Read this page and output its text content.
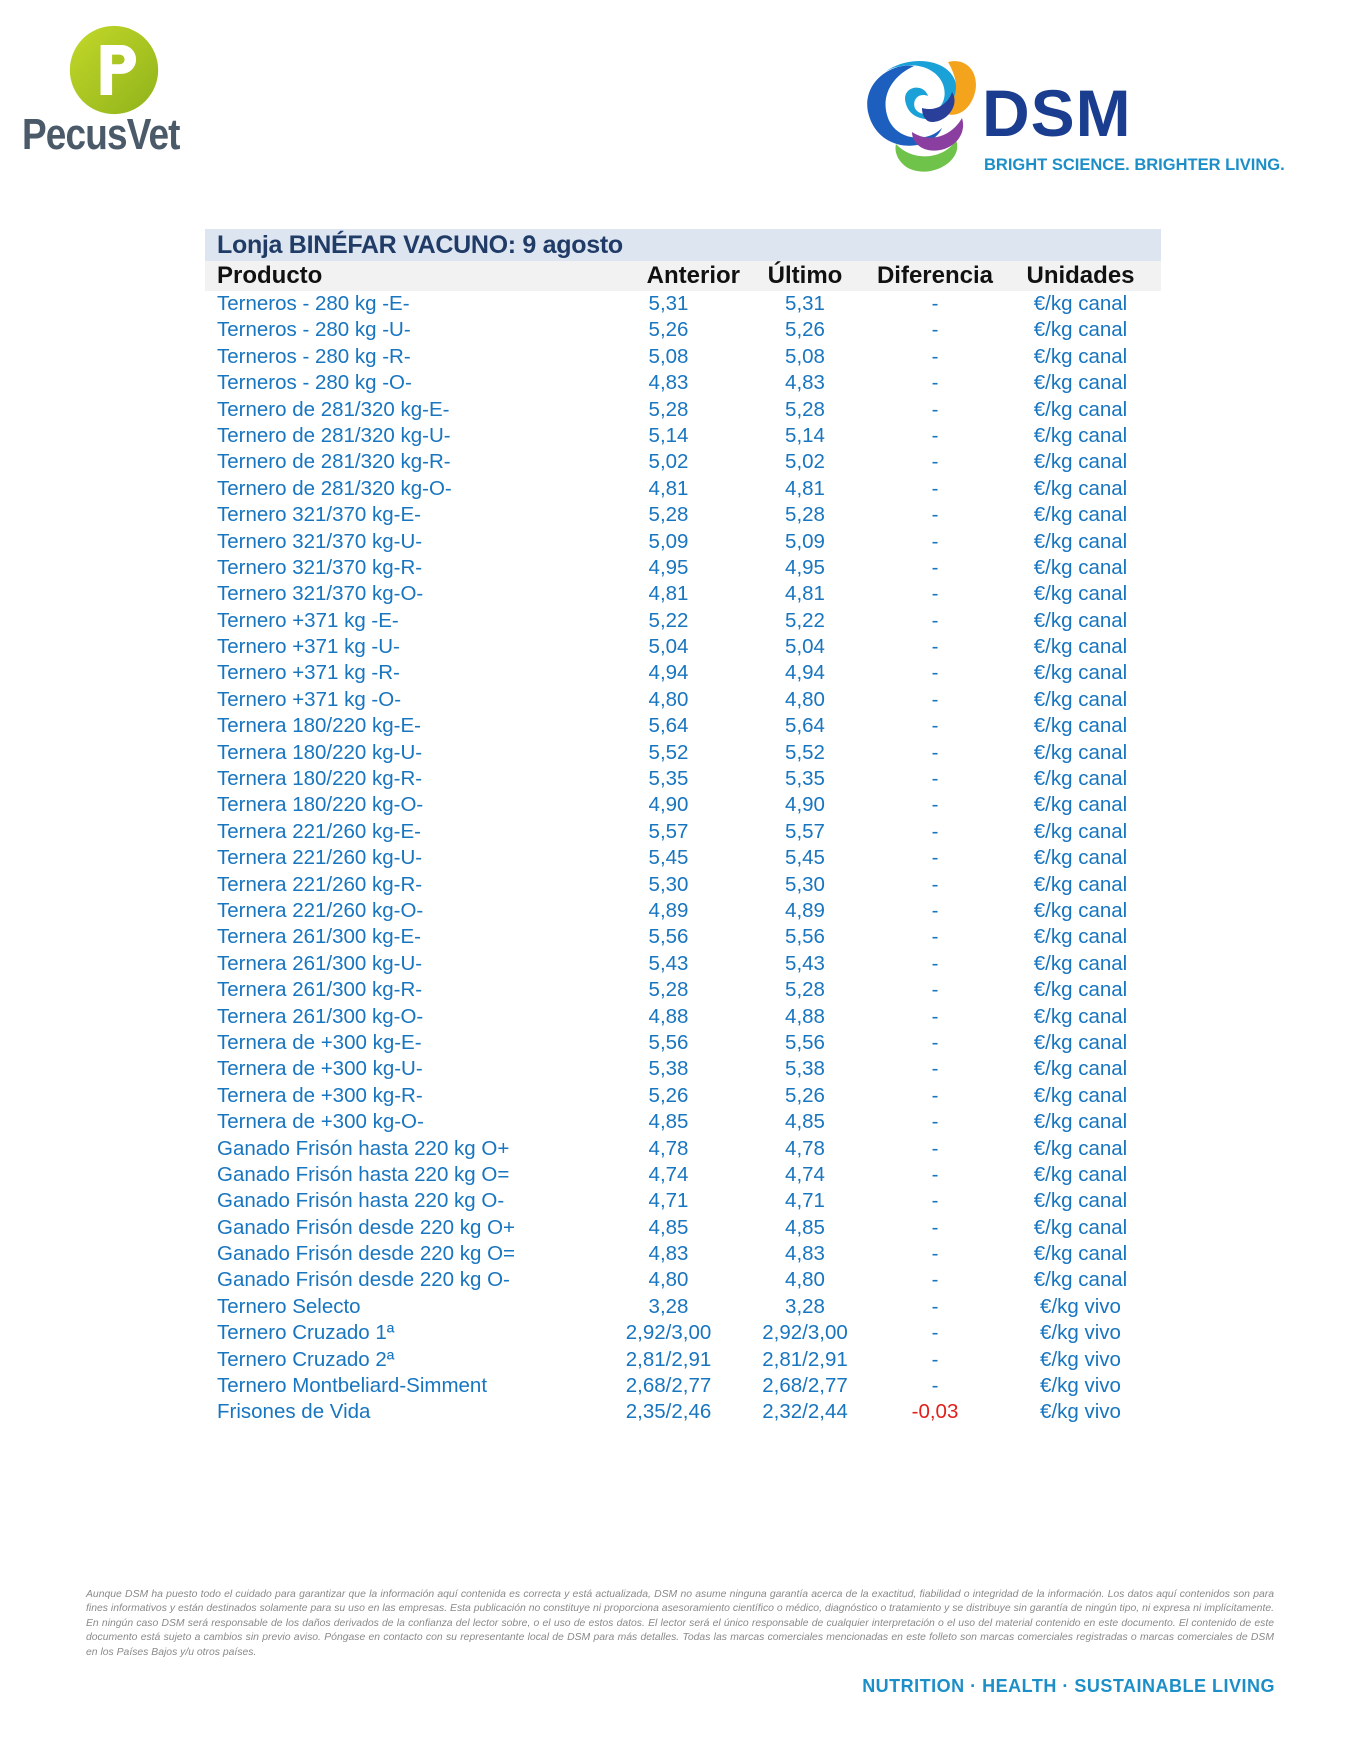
PecusVet	DSM
BRIGHT SCIENCE. BRIGHTER LIVING.
Lonja BINÉFAR VACUNO: 9 agosto
Producto	Anterior	Último	Diferencia	Unidades
Terneros - 280 kg -E-	5,31	5,31	-	€/kg canal
Terneros - 280 kg -U-	5,26	5,26	-	€/kg canal
Terneros - 280 kg -R-	5,08	5,08	-	€/kg canal
Terneros - 280 kg -O-	4,83	4,83	-	€/kg canal
Ternero de 281/320 kg-E-	5,28	5,28	-	€/kg canal
Ternero de 281/320 kg-U-	5,14	5,14	-	€/kg canal
Ternero de 281/320 kg-R-	5,02	5,02	-	€/kg canal
Ternero de 281/320 kg-O-	4,81	4,81	-	€/kg canal
Ternero 321/370 kg-E-	5,28	5,28	-	€/kg canal
Ternero 321/370 kg-U-	5,09	5,09	-	€/kg canal
Ternero 321/370 kg-R-	4,95	4,95	-	€/kg canal
Ternero 321/370 kg-O-	4,81	4,81	-	€/kg canal
Ternero +371 kg -E-	5,22	5,22	-	€/kg canal
Ternero +371 kg -U-	5,04	5,04	-	€/kg canal
Ternero +371 kg -R-	4,94	4,94	-	€/kg canal
Ternero +371 kg -O-	4,80	4,80	-	€/kg canal
Ternera 180/220 kg-E-	5,64	5,64	-	€/kg canal
Ternera 180/220 kg-U-	5,52	5,52	-	€/kg canal
Ternera 180/220 kg-R-	5,35	5,35	-	€/kg canal
Ternera 180/220 kg-O-	4,90	4,90	-	€/kg canal
Ternera 221/260 kg-E-	5,57	5,57	-	€/kg canal
Ternera 221/260 kg-U-	5,45	5,45	-	€/kg canal
Ternera 221/260 kg-R-	5,30	5,30	-	€/kg canal
Ternera 221/260 kg-O-	4,89	4,89	-	€/kg canal
Ternera 261/300 kg-E-	5,56	5,56	-	€/kg canal
Ternera 261/300 kg-U-	5,43	5,43	-	€/kg canal
Ternera 261/300 kg-R-	5,28	5,28	-	€/kg canal
Ternera 261/300 kg-O-	4,88	4,88	-	€/kg canal
Ternera de +300 kg-E-	5,56	5,56	-	€/kg canal
Ternera de +300 kg-U-	5,38	5,38	-	€/kg canal
Ternera de +300 kg-R-	5,26	5,26	-	€/kg canal
Ternera de +300 kg-O-	4,85	4,85	-	€/kg canal
Ganado Frisón hasta 220 kg O+	4,78	4,78	-	€/kg canal
Ganado Frisón hasta 220 kg O=	4,74	4,74	-	€/kg canal
Ganado Frisón hasta 220 kg O-	4,71	4,71	-	€/kg canal
Ganado Frisón desde 220 kg O+	4,85	4,85	-	€/kg canal
Ganado Frisón desde 220 kg O=	4,83	4,83	-	€/kg canal
Ganado Frisón desde 220 kg O-	4,80	4,80	-	€/kg canal
Ternero Selecto	3,28	3,28	-	€/kg vivo
Ternero Cruzado 1ª	2,92/3,00	2,92/3,00	-	€/kg vivo
Ternero Cruzado 2ª	2,81/2,91	2,81/2,91	-	€/kg vivo
Ternero Montbeliard-Simment	2,68/2,77	2,68/2,77	-	€/kg vivo
Frisones de Vida	2,35/2,46	2,32/2,44	-0,03	€/kg vivo
Aunque DSM ha puesto todo el cuidado para garantizar que la información aquí contenida es correcta y está actualizada, DSM no asume ninguna garantía acerca de la exactitud, fiabilidad o integridad de la información. Los datos aquí contenidos son para fines informativos y están destinados solamente para su uso en las empresas. Esta publicación no constituye ni proporciona asesoramiento científico o médico, diagnóstico o tratamiento y se distribuye sin garantía de ningún tipo, ni expresa ni implícitamente. En ningún caso DSM será responsable de los daños derivados de la confianza del lector sobre, o el uso de estos datos. El lector será el único responsable de cualquier interpretación o el uso del material contenido en este documento. El contenido de este documento está sujeto a cambios sin previo aviso. Póngase en contacto con su representante local de DSM para más detalles. Todas las marcas comerciales mencionadas en este folleto son marcas comerciales registradas o marcas comerciales de DSM en los Países Bajos y/u otros países.
NUTRITION · HEALTH · SUSTAINABLE LIVING
